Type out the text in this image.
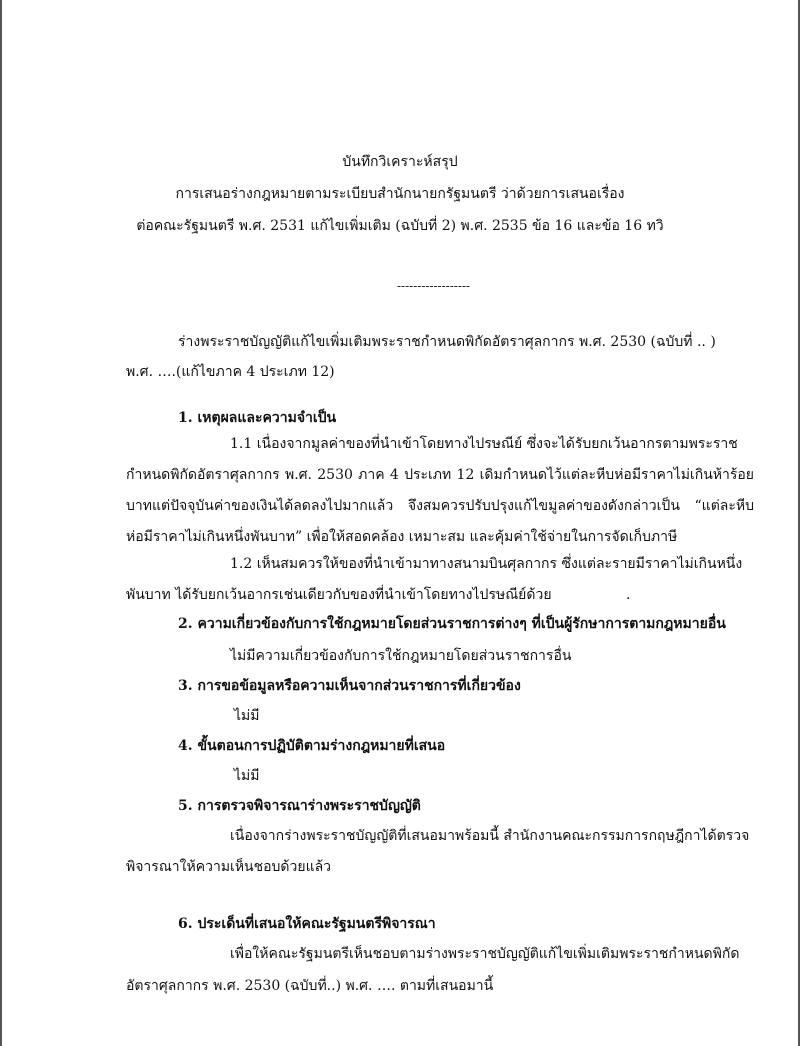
บันทึกวิเคราะห์สรุป
การเสนอร่างกฎหมายตามระเบียบสำนักนายกรัฐมนตรี ว่าด้วยการเสนอเรื่อง
ต่อคณะรัฐมนตรี พ.ศ. 2531 แก้ไขเพิ่มเติม (ฉบับที่ 2) พ.ศ. 2535 ข้อ 16 และข้อ 16 ทวิ
------------------
ร่างพระราชบัญญัติแก้ไขเพิ่มเติมพระราชกำหนดพิกัดอัตราศุลกากร พ.ศ. 2530 (ฉบับที่ .. )
พ.ศ. ….(แก้ไขภาค 4 ประเภท 12)
1. เหตุผลและความจำเป็น
1.1 เนื่องจากมูลค่าของที่นำเข้าโดยทางไปรษณีย์ ซึ่งจะได้รับยกเว้นอากรตามพระราช
กำหนดพิกัดอัตราศุลกากร พ.ศ. 2530 ภาค 4 ประเภท 12 เดิมกำหนดไว้แต่ละหีบห่อมีราคาไม่เกินห้าร้อย
บาทแต่ปัจจุบันค่าของเงินได้ลดลงไปมากแล้ว จึงสมควรปรับปรุงแก้ไขมูลค่าของดังกล่าวเป็น “แต่ละหีบ
ห่อมีราคาไม่เกินหนึ่งพันบาท” เพื่อให้สอดคล้อง เหมาะสม และคุ้มค่าใช้จ่ายในการจัดเก็บภาษี
1.2 เห็นสมควรให้ของที่นำเข้ามาทางสนามบินศุลกากร ซึ่งแต่ละรายมีราคาไม่เกินหนึ่ง
พันบาท ได้รับยกเว้นอากรเช่นเดียวกับของที่นำเข้าโดยทางไปรษณีย์ด้วย	.
2. ความเกี่ยวข้องกับการใช้กฎหมายโดยส่วนราชการต่างๆ ที่เป็นผู้รักษาการตามกฎหมายอื่น
ไม่มีความเกี่ยวข้องกับการใช้กฎหมายโดยส่วนราชการอื่น
3. การขอข้อมูลหรือความเห็นจากส่วนราชการที่เกี่ยวข้อง
ไม่มี
4. ขั้นตอนการปฏิบัติตามร่างกฎหมายที่เสนอ
ไม่มี
5. การตรวจพิจารณาร่างพระราชบัญญัติ
เนื่องจากร่างพระราชบัญญัติที่เสนอมาพร้อมนี้ สำนักงานคณะกรรมการกฤษฎีกาได้ตรวจ
พิจารณาให้ความเห็นชอบด้วยแล้ว
6. ประเด็นที่เสนอให้คณะรัฐมนตรีพิจารณา
เพื่อให้คณะรัฐมนตรีเห็นชอบตามร่างพระราชบัญญัติแก้ไขเพิ่มเติมพระราชกำหนดพิกัด
อัตราศุลกากร พ.ศ. 2530 (ฉบับที่..) พ.ศ. …. ตามที่เสนอมานี้
